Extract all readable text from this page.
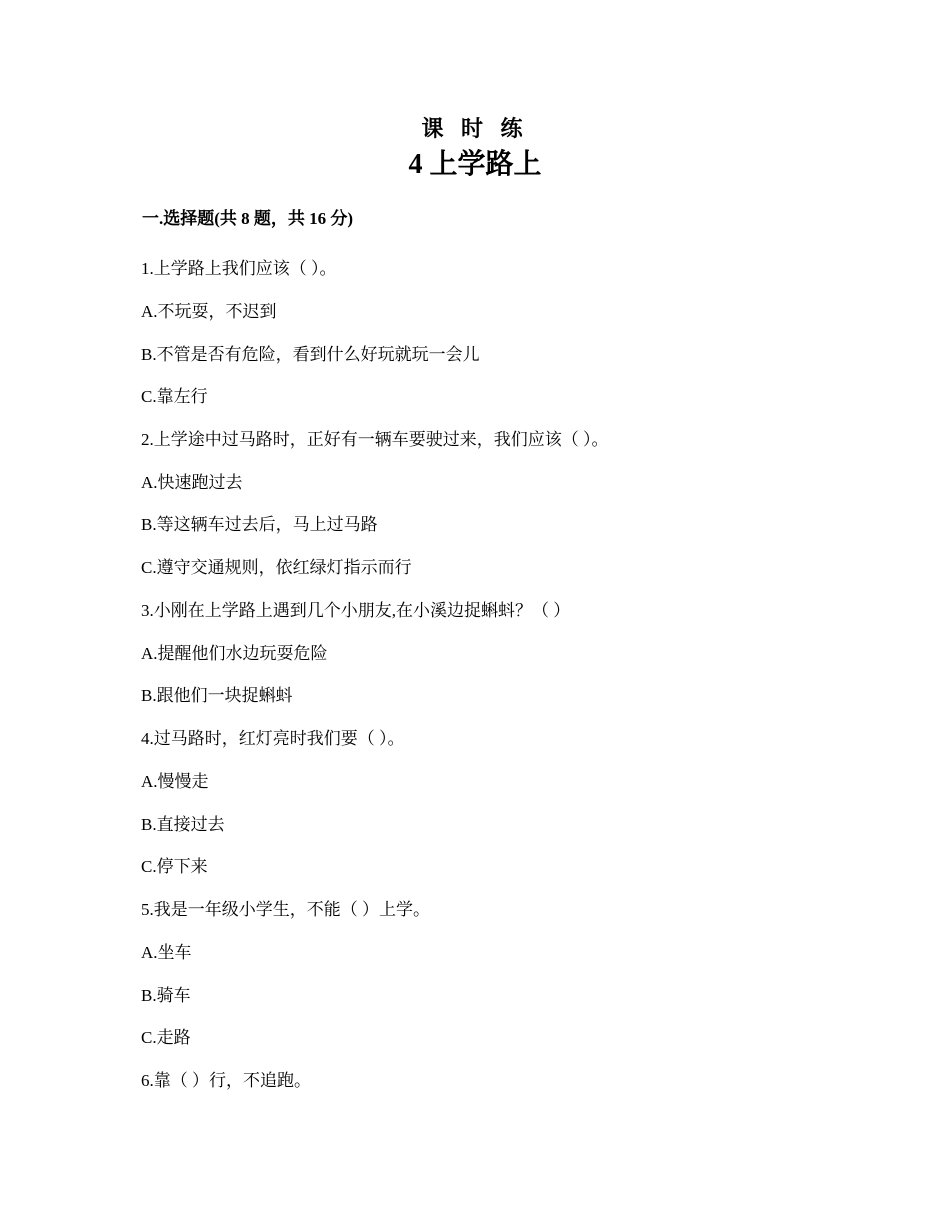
课 时 练
4 上学路上
一.选择题(共 8 题，共 16 分)
1.上学路上我们应该（ ）。
A.不玩耍，不迟到
B.不管是否有危险，看到什么好玩就玩一会儿
C.靠左行
2.上学途中过马路时，正好有一辆车要驶过来，我们应该（ ）。
A.快速跑过去
B.等这辆车过去后，马上过马路
C.遵守交通规则，依红绿灯指示而行
3.小刚在上学路上遇到几个小朋友,在小溪边捉蝌蚪？（ ）
A.提醒他们水边玩耍危险
B.跟他们一块捉蝌蚪
4.过马路时，红灯亮时我们要（ ）。
A.慢慢走
B.直接过去
C.停下来
5.我是一年级小学生，不能（ ）上学。
A.坐车
B.骑车
C.走路
6.靠（ ）行，不追跑。
